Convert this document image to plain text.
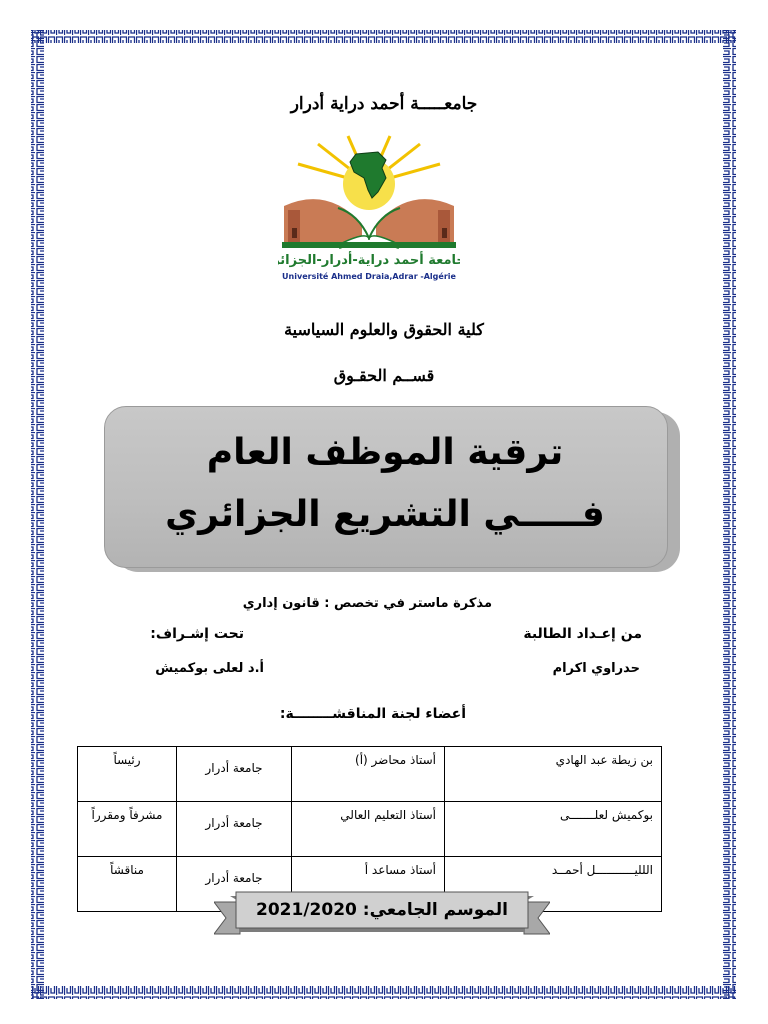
جامعـــــة أحمد دراية أدرار
جامعة أحمد دراية-أدرار-الجزائر
Université Ahmed Draia,Adrar -Algérie
كلية الحقوق والعلوم السياسية
قســم الحقـوق
ترقية الموظف العام
فـــــي التشريع الجزائري
مذكرة ماستر في تخصص : قانون إداري
من إعـداد الطالبة
تحت إشـراف:
حدراوي اكرام
أ.د لعلى بوكميش
أعضاء لجنة المناقشــــــــة:
بن زيطة عبد الهادي	أستاذ محاضر (أ)	جامعة أدرار	رئيساً
بوكميش لعلـــــــى	أستاذ التعليم العالي	جامعة أدرار	مشرفاً ومقرراً
اللليـــــــــــل أحمــد	أستاذ مساعد أ	جامعة أدرار	مناقشاً
الموسم الجامعي: 2021/2020
